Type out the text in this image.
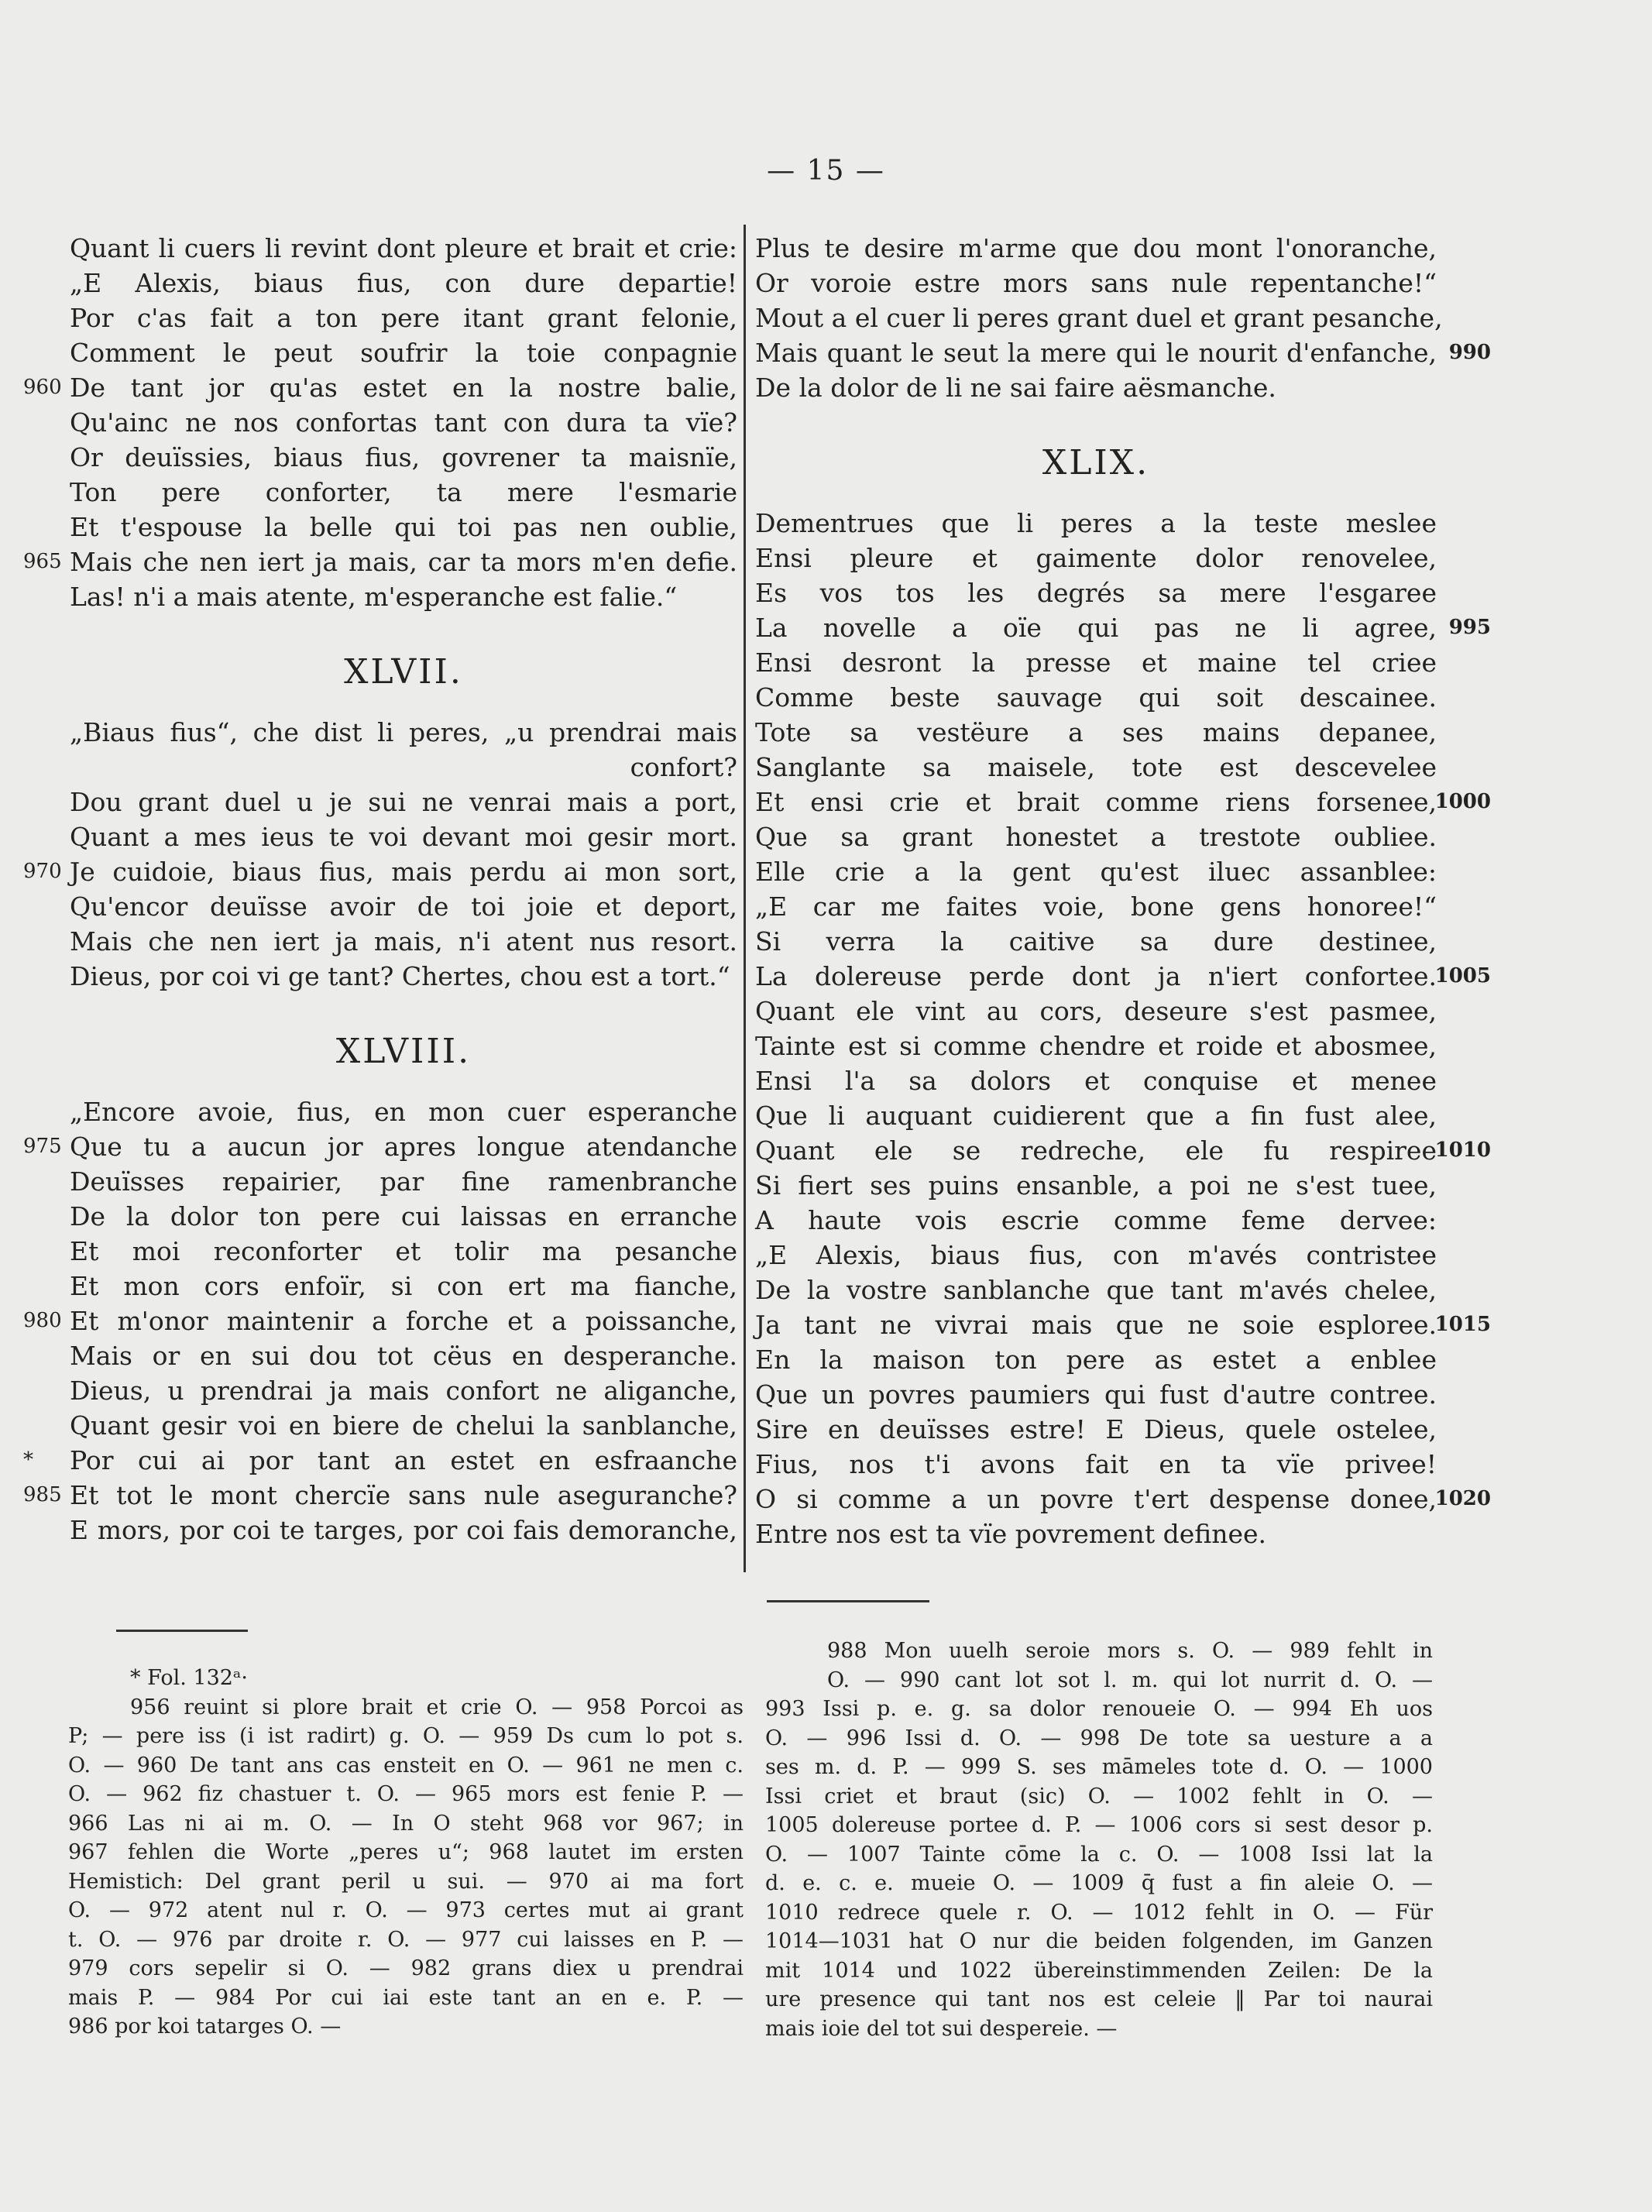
— 15 —
Quant li cuers li revint dont pleure et brait et crie:
„E Alexis, biaus fius, con dure departie!
Por c'as fait a ton pere itant grant felonie,
Comment le peut soufrir la toie conpagnie
De tant jor qu'as estet en la nostre balie,
960
Qu'ainc ne nos confortas tant con dura ta vïe?
Or deuïssies, biaus fius, govrener ta maisnïe,
Ton pere conforter, ta mere l'esmarie
Et t'espouse la belle qui toi pas nen oublie,
Mais che nen iert ja mais, car ta mors m'en defie.
965
Las! n'i a mais atente, m'esperanche est falie.“
XLVII.
„Biaus fius“, che dist li peres, „u prendrai mais
confort?
Dou grant duel u je sui ne venrai mais a port,
Quant a mes ieus te voi devant moi gesir mort.
Je cuidoie, biaus fius, mais perdu ai mon sort,
970
Qu'encor deuïsse avoir de toi joie et deport,
Mais che nen iert ja mais, n'i atent nus resort.
Dieus, por coi vi ge tant? Chertes, chou est a tort.“
XLVIII.
„Encore avoie, fius, en mon cuer esperanche
Que tu a aucun jor apres longue atendanche
975
Deuïsses repairier, par fine ramenbranche
De la dolor ton pere cui laissas en erranche
Et moi reconforter et tolir ma pesanche
Et mon cors enfoïr, si con ert ma fianche,
Et m'onor maintenir a forche et a poissanche,
980
Mais or en sui dou tot cëus en desperanche.
Dieus, u prendrai ja mais confort ne aliganche,
Quant gesir voi en biere de chelui la sanblanche,
Por cui ai por tant an estet en esfraanche
*
Et tot le mont chercïe sans nule aseguranche?
985
E mors, por coi te targes, por coi fais demoranche,
Plus te desire m'arme que dou mont l'onoranche,
Or voroie estre mors sans nule repentanche!“
Mout a el cuer li peres grant duel et grant pesanche,
Mais quant le seut la mere qui le nourit d'enfanche, 990
De la dolor de li ne sai faire aësmanche.
XLIX.
Dementrues que li peres a la teste meslee
Ensi pleure et gaimente dolor renovelee,
Es vos tos les degrés sa mere l'esgaree
La novelle a oïe qui pas ne li agree, 995
Ensi desront la presse et maine tel criee
Comme beste sauvage qui soit descainee.
Tote sa vestëure a ses mains depanee,
Sanglante sa maisele, tote est descevelee
Et ensi crie et brait comme riens forsenee,
1000
Que sa grant honestet a trestote oubliee.
Elle crie a la gent qu'est iluec assanblee:
„E car me faites voie, bone gens honoree!“
Si verra la caitive sa dure destinee,
La dolereuse perde dont ja n'iert confortee.
1005
Quant ele vint au cors, deseure s'est pasmee,
Tainte est si comme chendre et roide et abosmee,
Ensi l'a sa dolors et conquise et menee
Que li auquant cuidierent que a fin fust alee,
Quant ele se redreche, ele fu respiree
1010
Si fiert ses puins ensanble, a poi ne s'est tuee,
A haute vois escrie comme feme dervee:
„E Alexis, biaus fius, con m'avés contristee
De la vostre sanblanche que tant m'avés chelee,
Ja tant ne vivrai mais que ne soie esploree.
1015
En la maison ton pere as estet a enblee
Que un povres paumiers qui fust d'autre contree.
Sire en deuïsses estre! E Dieus, quele ostelee,
Fius, nos t'i avons fait en ta vïe privee!
O si comme a un povre t'ert despense donee,
1020
Entre nos est ta vïe povrement definee.
* Fol. 132ᵃ·
956 reuint si plore brait et crie O. — 958 Porcoi as
P; — pere iss (i ist radirt) g. O. — 959 Ds cum lo pot s.
O. — 960 De tant ans cas ensteit en O. — 961 ne men c.
O. — 962 fiz chastuer t. O. — 965 mors est fenie P. —
966 Las ni ai m. O. — In O steht 968 vor 967; in
967 fehlen die Worte „peres u“; 968 lautet im ersten
Hemistich: Del grant peril u sui. — 970 ai ma fort
O. — 972 atent nul r. O. — 973 certes mut ai grant
t. O. — 976 par droite r. O. — 977 cui laisses en P. —
979 cors sepelir si O. — 982 grans diex u prendrai
mais P. — 984 Por cui iai este tant an en e. P. —
986 por koi tatarges O. —
988 Mon uuelh seroie mors s. O. — 989 fehlt in
O. — 990 cant lot sot l. m. qui lot nurrit d. O. —
993 Issi p. e. g. sa dolor renoueie O. — 994 Eh uos
O. — 996 Issi d. O. — 998 De tote sa uesture a a
ses m. d. P. — 999 S. ses māmeles tote d. O. — 1000
Issi criet et braut (sic) O. — 1002 fehlt in O. —
1005 dolereuse portee d. P. — 1006 cors si sest desor p.
O. — 1007 Tainte cōme la c. O. — 1008 Issi lat la
d. e. c. e. mueie O. — 1009 q̄ fust a fin aleie O. —
1010 redrece quele r. O. — 1012 fehlt in O. — Für
1014—1031 hat O nur die beiden folgenden, im Ganzen
mit 1014 und 1022 übereinstimmenden Zeilen: De la
ure presence qui tant nos est celeie ‖ Par toi naurai
mais ioie del tot sui despereie. —
